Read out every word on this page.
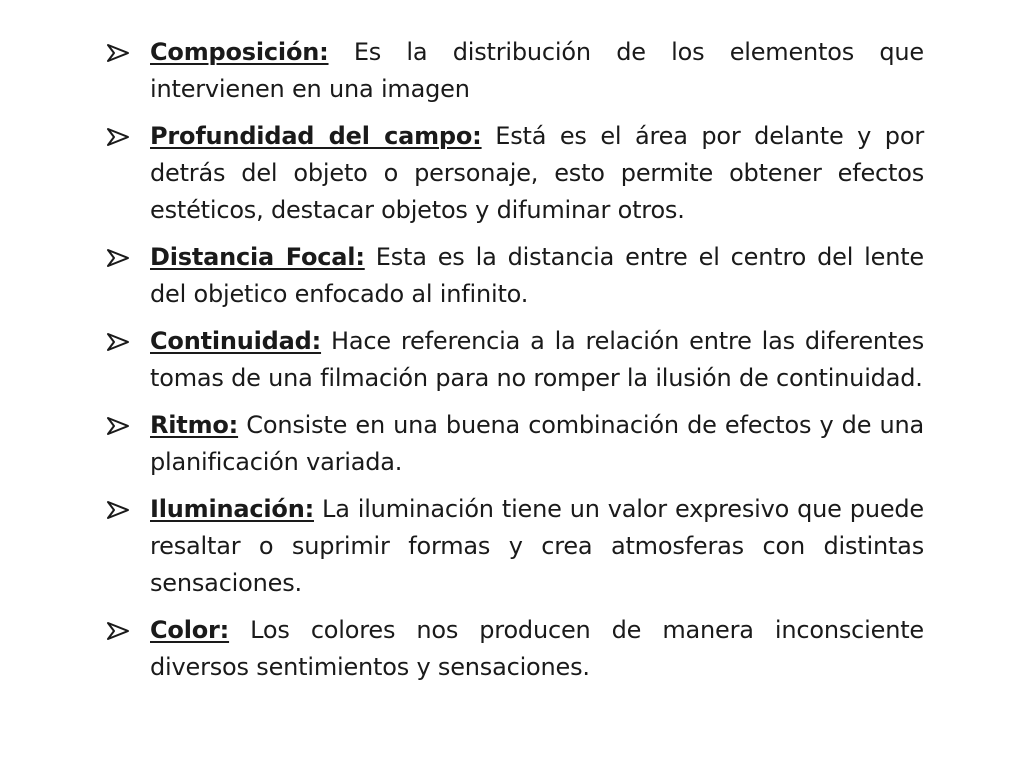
Composición: Es la distribución de los elementos que intervienen en una imagen
Profundidad del campo: Está es el área por delante y por detrás del objeto o personaje, esto permite obtener efectos estéticos, destacar objetos y difuminar otros.
Distancia Focal: Esta es la distancia entre el centro del lente del objetico enfocado al infinito.
Continuidad: Hace referencia a la relación entre las diferentes tomas de una filmación para no romper la ilusión de continuidad.
Ritmo: Consiste en una buena combinación de efectos y de una planificación variada.
Iluminación: La iluminación tiene un valor expresivo que puede resaltar o suprimir formas y crea atmosferas con distintas sensaciones.
Color: Los colores nos producen de manera inconsciente diversos sentimientos y sensaciones.
